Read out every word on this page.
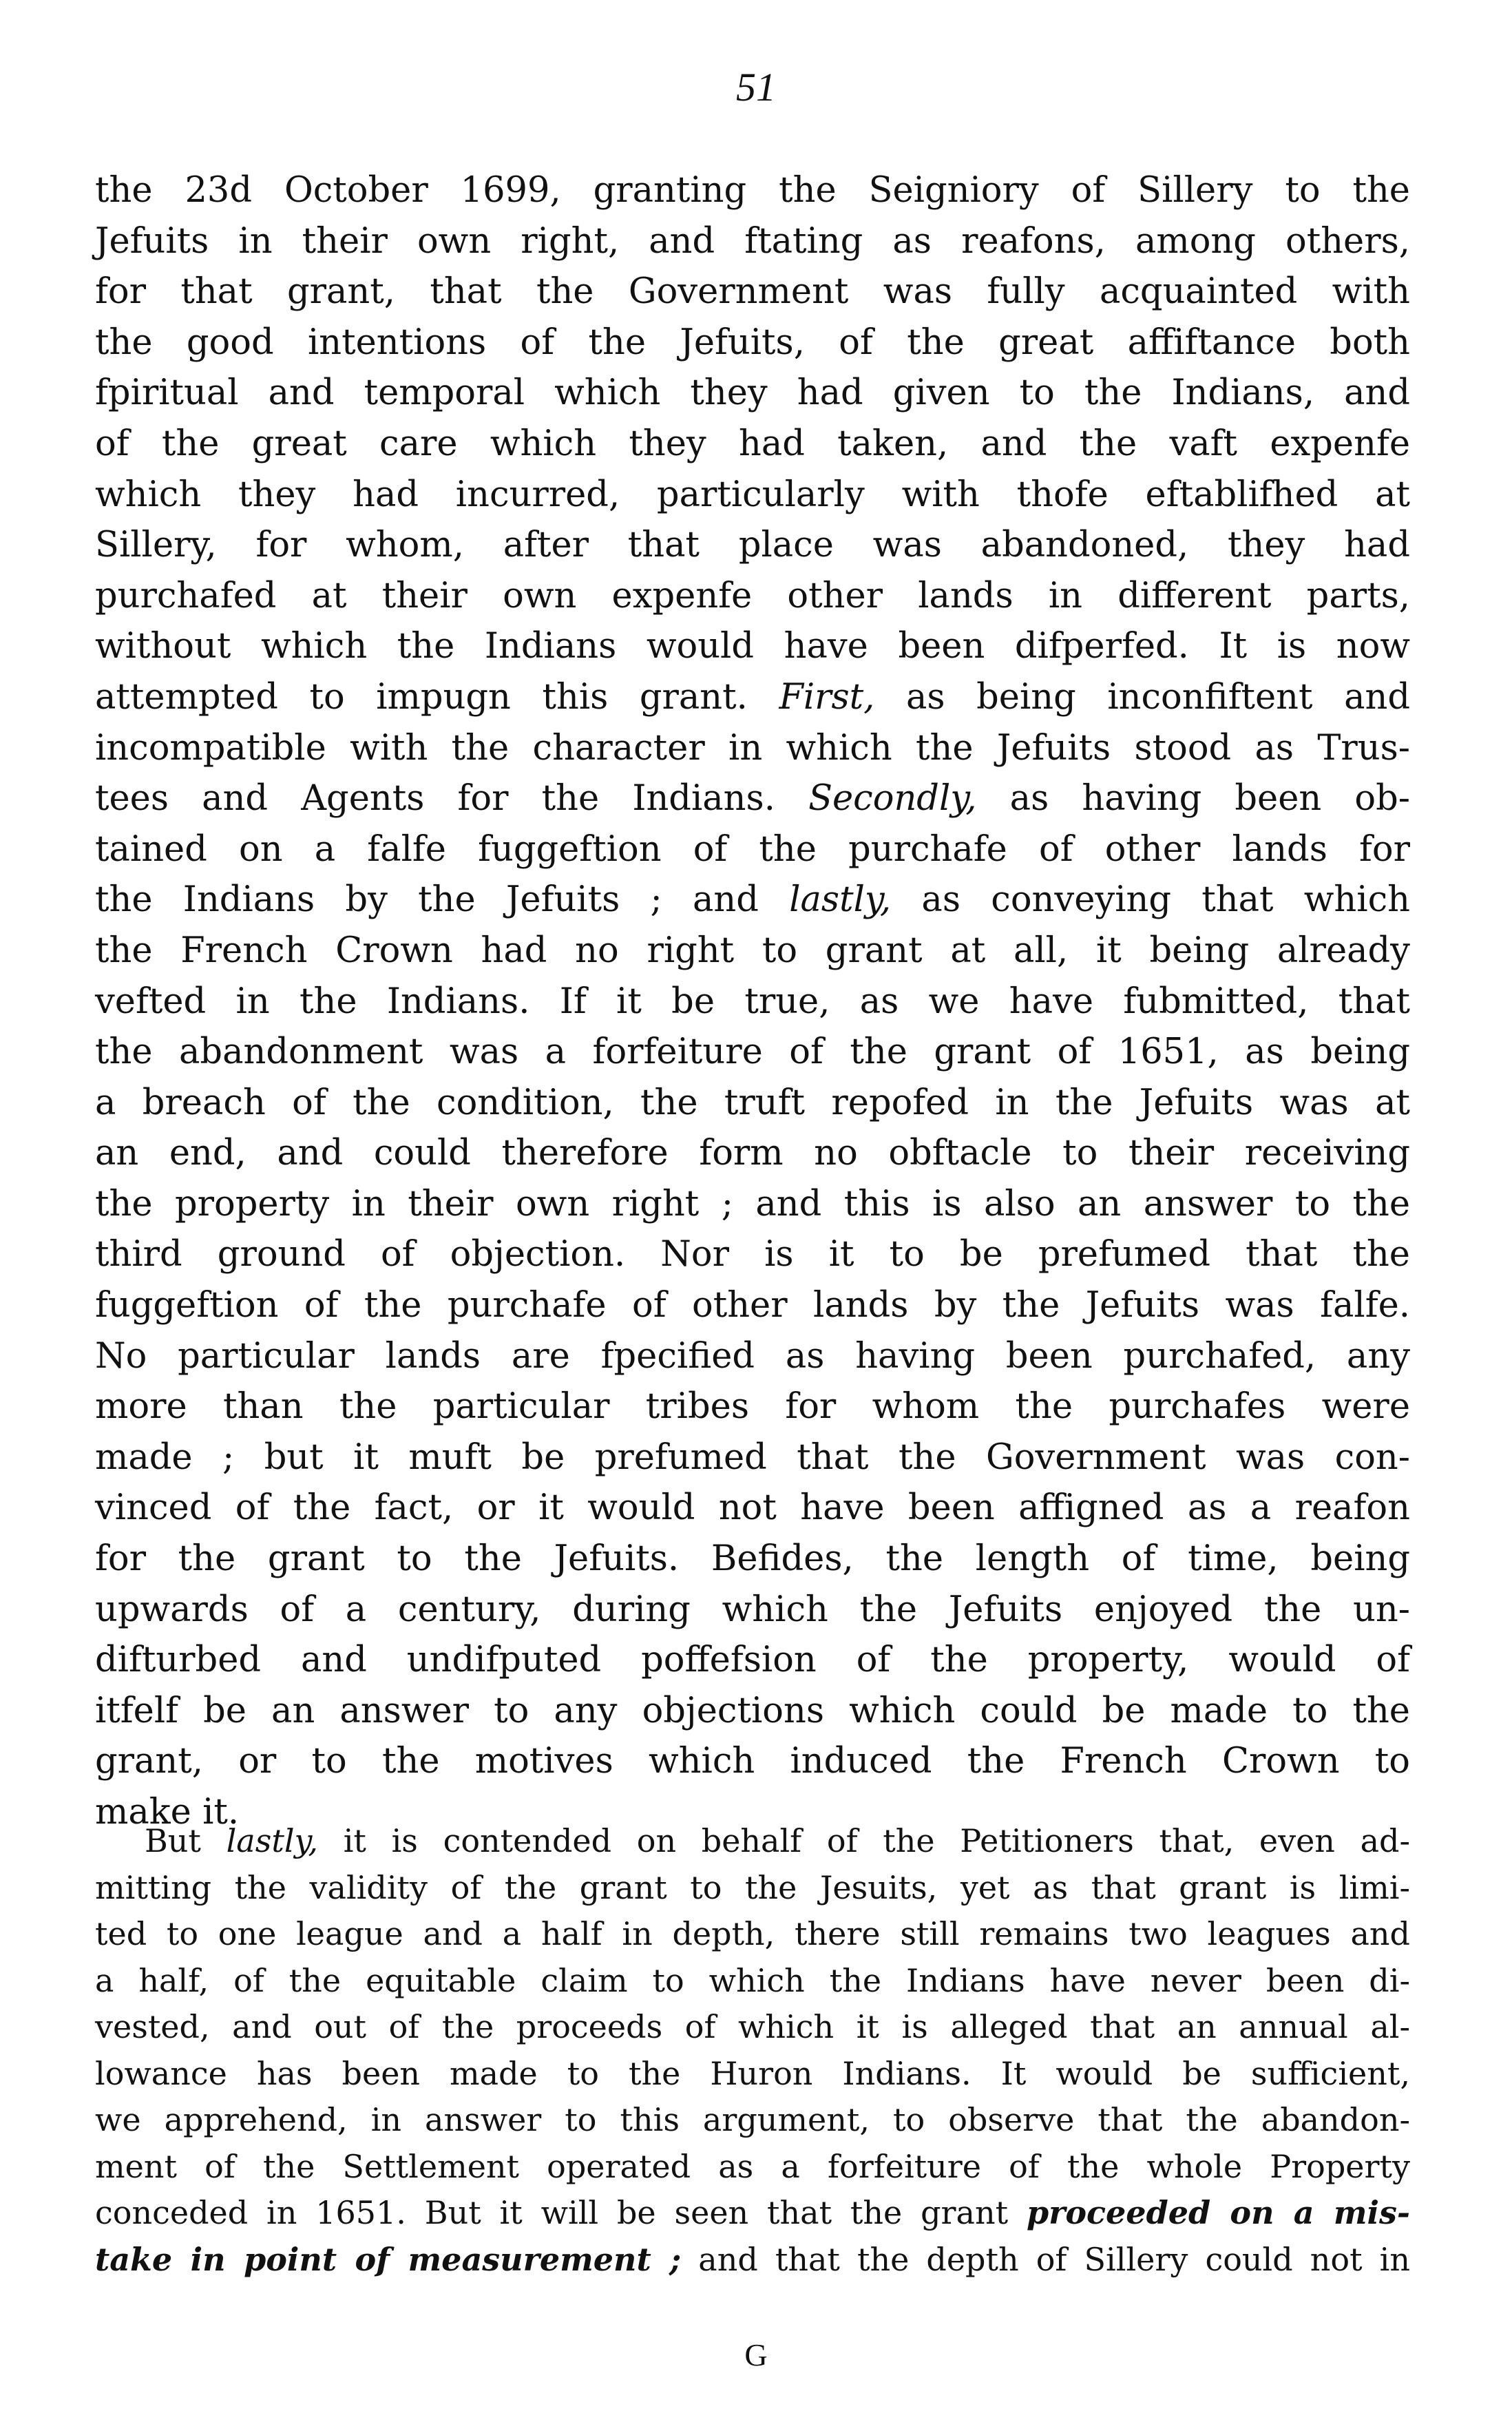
51
the 23d October 1699, granting the Seigniory of Sillery to the
Jefuits in their own right, and ftating as reafons, among others,
for that grant, that the Government was fully acquainted with
the good intentions of the Jefuits, of the great affiftance both
fpiritual and temporal which they had given to the Indians, and
of the great care which they had taken, and the vaft expenfe
which they had incurred, particularly with thofe eftablifhed at
Sillery, for whom, after that place was abandoned, they had
purchafed at their own expenfe other lands in different parts,
without which the Indians would have been difperfed. It is now
attempted to impugn this grant. First, as being inconfiftent and
incompatible with the character in which the Jefuits stood as Trus-
tees and Agents for the Indians. Secondly, as having been ob-
tained on a falfe fuggeftion of the purchafe of other lands for
the Indians by the Jefuits ; and lastly, as conveying that which
the French Crown had no right to grant at all, it being already
vefted in the Indians. If it be true, as we have fubmitted, that
the abandonment was a forfeiture of the grant of 1651, as being
a breach of the condition, the truft repofed in the Jefuits was at
an end, and could therefore form no obftacle to their receiving
the property in their own right ; and this is also an answer to the
third ground of objection. Nor is it to be prefumed that the
fuggeftion of the purchafe of other lands by the Jefuits was falfe.
No particular lands are fpecified as having been purchafed, any
more than the particular tribes for whom the purchafes were
made ; but it muft be prefumed that the Government was con-
vinced of the fact, or it would not have been affigned as a reafon
for the grant to the Jefuits. Befides, the length of time, being
upwards of a century, during which the Jefuits enjoyed the un-
difturbed and undifputed poffefsion of the property, would of
itfelf be an answer to any objections which could be made to the
grant, or to the motives which induced the French Crown to
make it.
But lastly, it is contended on behalf of the Petitioners that, even ad-
mitting the validity of the grant to the Jesuits, yet as that grant is limi-
ted to one league and a half in depth, there still remains two leagues and
a half, of the equitable claim to which the Indians have never been di-
vested, and out of the proceeds of which it is alleged that an annual al-
lowance has been made to the Huron Indians. It would be sufficient,
we apprehend, in answer to this argument, to observe that the abandon-
ment of the Settlement operated as a forfeiture of the whole Property
conceded in 1651. But it will be seen that the grant proceeded on a mis-
take in point of measurement ; and that the depth of Sillery could not in
G
